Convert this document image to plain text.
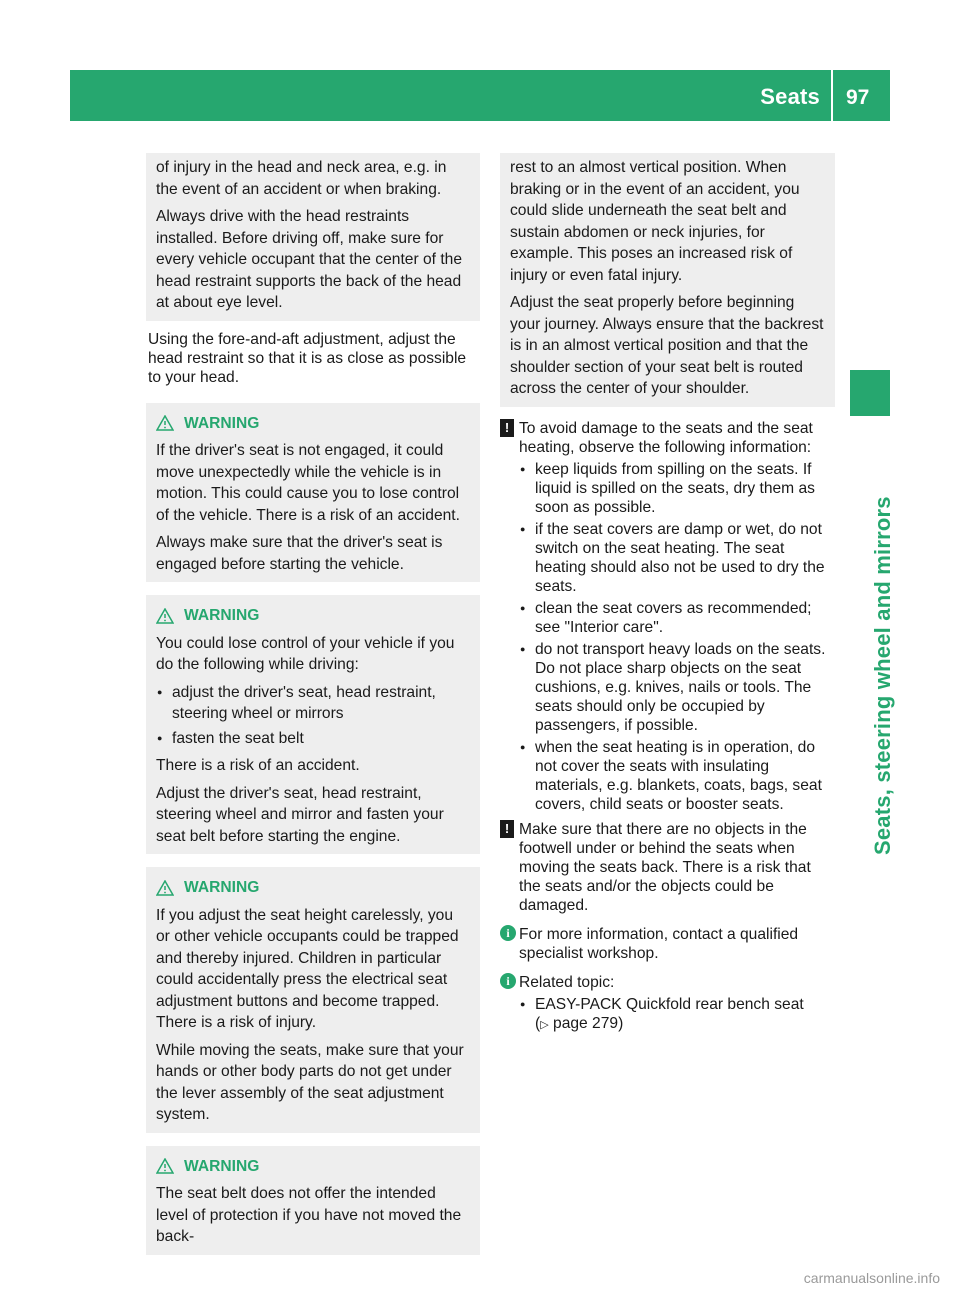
Seats 97
Seats, steering wheel and mirrors

of injury in the head and neck area, e.g. in the event of an accident or when braking.

Always drive with the head restraints installed. Before driving off, make sure for every vehicle occupant that the center of the head restraint supports the back of the head at about eye level.

Using the fore-and-aft adjustment, adjust the head restraint so that it is as close as possible to your head.

WARNING

If the driver's seat is not engaged, it could move unexpectedly while the vehicle is in motion. This could cause you to lose control of the vehicle. There is a risk of an accident.

Always make sure that the driver's seat is engaged before starting the vehicle.

WARNING

You could lose control of your vehicle if you do the following while driving:

● adjust the driver's seat, head restraint, steering wheel or mirrors
● fasten the seat belt

There is a risk of an accident.

Adjust the driver's seat, head restraint, steering wheel and mirror and fasten your seat belt before starting the engine.

WARNING

If you adjust the seat height carelessly, you or other vehicle occupants could be trapped and thereby injured. Children in particular could accidentally press the electrical seat adjustment buttons and become trapped. There is a risk of injury.

While moving the seats, make sure that your hands or other body parts do not get under the lever assembly of the seat adjustment system.

WARNING

The seat belt does not offer the intended level of protection if you have not moved the back-

rest to an almost vertical position. When braking or in the event of an accident, you could slide underneath the seat belt and sustain abdomen or neck injuries, for example. This poses an increased risk of injury or even fatal injury.

Adjust the seat properly before beginning your journey. Always ensure that the backrest is in an almost vertical position and that the shoulder section of your seat belt is routed across the center of your shoulder.

! To avoid damage to the seats and the seat heating, observe the following information:

● keep liquids from spilling on the seats. If liquid is spilled on the seats, dry them as soon as possible.
● if the seat covers are damp or wet, do not switch on the seat heating. The seat heating should also not be used to dry the seats.
● clean the seat covers as recommended; see "Interior care".
● do not transport heavy loads on the seats. Do not place sharp objects on the seat cushions, e.g. knives, nails or tools. The seats should only be occupied by passengers, if possible.
● when the seat heating is in operation, do not cover the seats with insulating materials, e.g. blankets, coats, bags, seat covers, child seats or booster seats.

! Make sure that there are no objects in the footwell under or behind the seats when moving the seats back. There is a risk that the seats and/or the objects could be damaged.

i For more information, contact a qualified specialist workshop.

i Related topic:

● EASY-PACK Quickfold rear bench seat
(▷ page 279)
carmanualsonline.info
